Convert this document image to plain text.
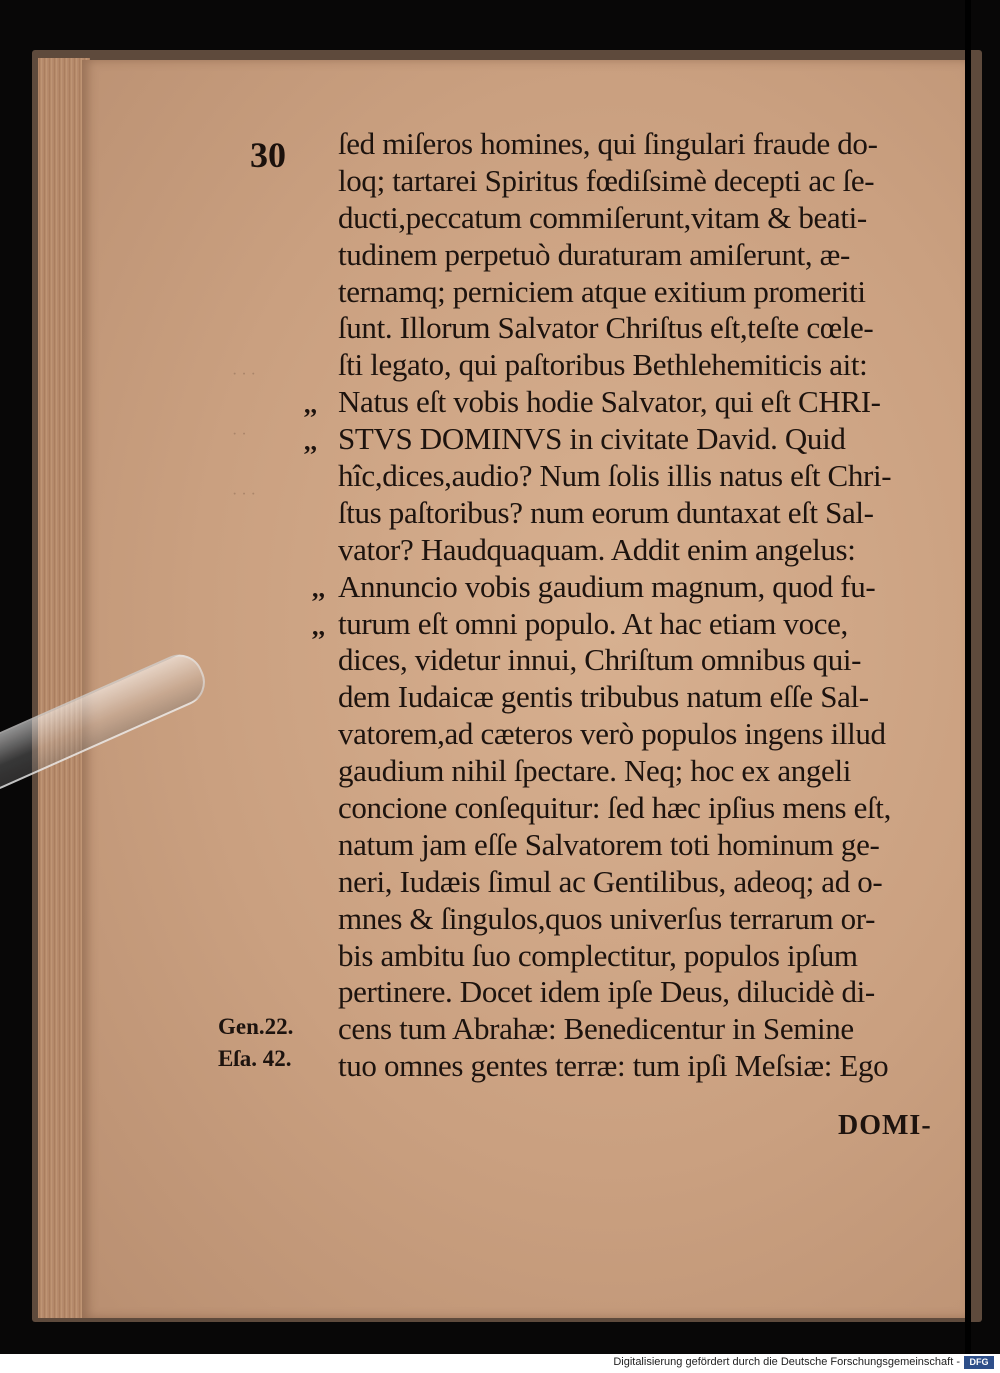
· · ·

· ·

· · ·
30 ſed miſeros homines, qui ſingulari fraude do-
loq; tartarei Spiritus fœdiſsimè decepti ac ſe-
ducti,peccatum commiſerunt,vitam & beati-
tudinem perpetuò duraturam amiſerunt, æ-
ternamq; perniciem atque exitium promeriti
ſunt. Illorum Salvator Chriſtus eſt,teſte cœle-
ſti legato, qui paſtoribus Bethlehemiticis ait:
Natus eſt vobis hodie Salvator, qui eſt CHRI-
STVS DOMINVS in civitate David. Quid
hîc,dices,audio? Num ſolis illis natus eſt Chri-
ſtus paſtoribus? num eorum duntaxat eſt Sal-
vator? Haudquaquam. Addit enim angelus:
Annuncio vobis gaudium magnum, quod fu-
turum eſt omni populo. At hac etiam voce,
dices, videtur innui, Chriſtum omnibus qui-
dem Iudaicæ gentis tribubus natum eſſe Sal-
vatorem,ad cæteros verò populos ingens illud
gaudium nihil ſpectare. Neq; hoc ex angeli
concione conſequitur: ſed hæc ipſius mens eſt,
natum jam eſſe Salvatorem toti hominum ge-
neri, Iudæis ſimul ac Gentilibus, adeoq; ad o-
mnes & ſingulos,quos univerſus terrarum or-
bis ambitu ſuo complectitur, populos ipſum
pertinere. Docet idem ipſe Deus, dilucidè di-
cens tum Abrahæ: Benedicentur in Semine
tuo omnes gentes terræ: tum ipſi Meſsiæ: Ego
,,
,,
,,
,,
Gen.22.
Eſa. 42.
DOMI-
Digitalisierung gefördert durch die Deutsche Forschungsgemeinschaft -	DFG
